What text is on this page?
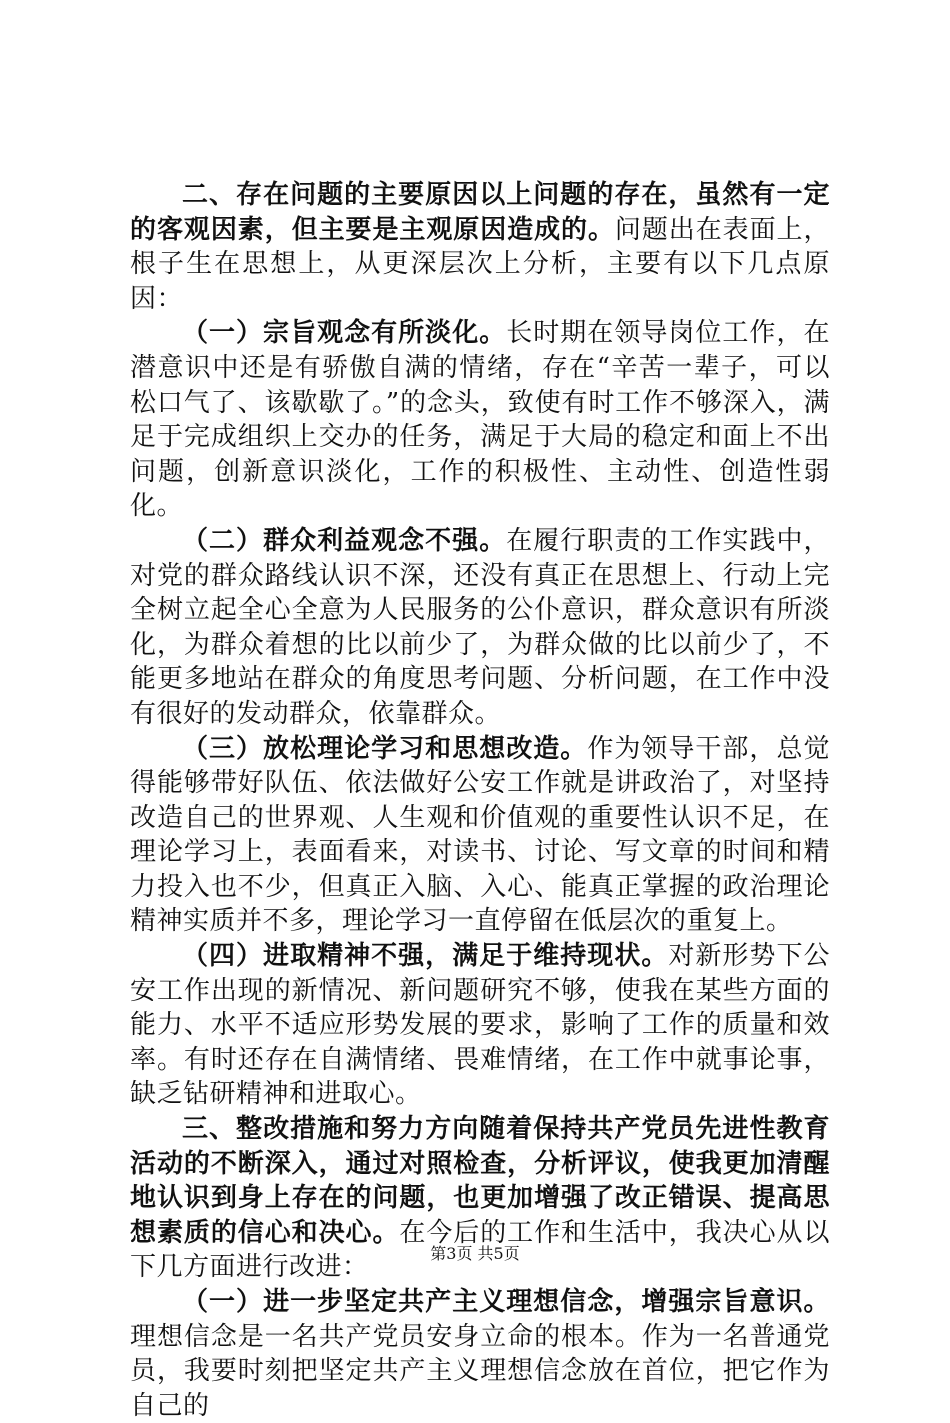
二、存在问题的主要原因以上问题的存在，虽然有一定的客观因素，但主要是主观原因造成的。问题出在表面上，根子生在思想上，从更深层次上分析，主要有以下几点原因：

（一）宗旨观念有所淡化。长时期在领导岗位工作，在潜意识中还是有骄傲自满的情绪，存在“辛苦一辈子，可以松口气了、该歇歇了。”的念头，致使有时工作不够深入，满足于完成组织上交办的任务，满足于大局的稳定和面上不出问题，创新意识淡化，工作的积极性、主动性、创造性弱化。

（二）群众利益观念不强。在履行职责的工作实践中，对党的群众路线认识不深，还没有真正在思想上、行动上完全树立起全心全意为人民服务的公仆意识，群众意识有所淡化，为群众着想的比以前少了，为群众做的比以前少了，不能更多地站在群众的角度思考问题、分析问题，在工作中没有很好的发动群众，依靠群众。

（三）放松理论学习和思想改造。作为领导干部，总觉得能够带好队伍、依法做好公安工作就是讲政治了，对坚持改造自己的世界观、人生观和价值观的重要性认识不足，在理论学习上，表面看来，对读书、讨论、写文章的时间和精力投入也不少，但真正入脑、入心、能真正掌握的政治理论精神实质并不多，理论学习一直停留在低层次的重复上。

（四）进取精神不强，满足于维持现状。对新形势下公安工作出现的新情况、新问题研究不够，使我在某些方面的能力、水平不适应形势发展的要求，影响了工作的质量和效率。有时还存在自满情绪、畏难情绪，在工作中就事论事，缺乏钻研精神和进取心。

三、整改措施和努力方向随着保持共产党员先进性教育活动的不断深入，通过对照检查，分析评议，使我更加清醒地认识到身上存在的问题，也更加增强了改正错误、提高思想素质的信心和决心。在今后的工作和生活中，我决心从以下几方面进行改进：

（一）进一步坚定共产主义理想信念，增强宗旨意识。理想信念是一名共产党员安身立命的根本。作为一名普通党员，我要时刻把坚定共产主义理想信念放在首位，把它作为自己的

第3页 共5页
